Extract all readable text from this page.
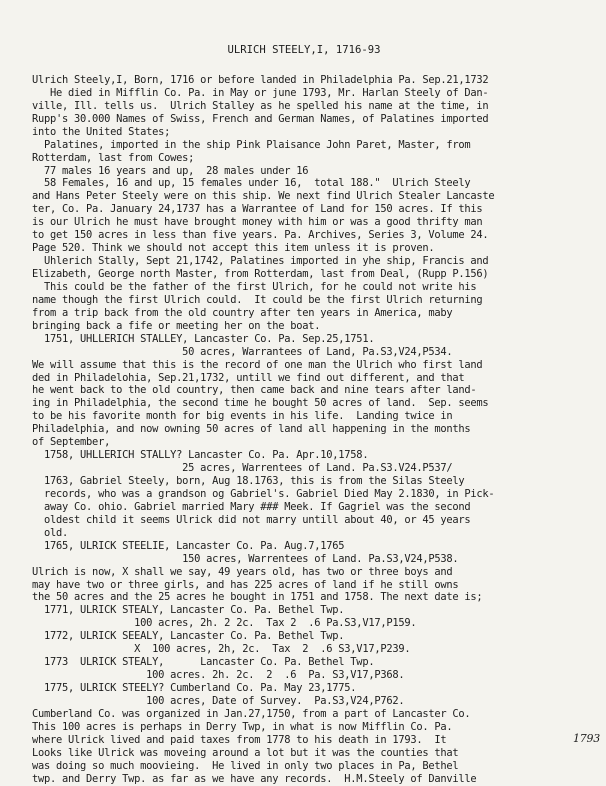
ULRICH STEELY,I, 1716-93
Ulrich Steely,I, Born, 1716 or before landed in Philadelphia Pa. Sep.21,1732
He died in Mifflin Co. Pa. in May or june 1793, Mr. Harlan Steely of Dan-
ville, Ill. tells us.  Ulrich Stalley as he spelled his name at the time, in
Rupp's 30.000 Names of Swiss, French and German Names, of Palatines imported
into the United States;
Palatines, imported in the ship Pink Plaisance John Paret, Master, from
Rotterdam, last from Cowes;
77 males 16 years and up,  28 males under 16
58 Females, 16 and up, 15 females under 16,  total 188."  Ulrich Steely
and Hans Peter Steely were on this ship. We next find Ulrich Stealer Lancaste
ter, Co. Pa. January 24,1737 has a Warrantee of Land for 150 acres. If this
is our Ulrich he must have brought money with him or was a good thrifty man
to get 150 acres in less than five years. Pa. Archives, Series 3, Volume 24.
Page 520. Think we should not accept this item unless it is proven.
Uhlerich Stally, Sept 21,1742, Palatines imported in yhe ship, Francis and
Elizabeth, George north Master, from Rotterdam, last from Deal, (Rupp P.156)
This could be the father of the first Ulrich, for he could not write his
name though the first Ulrich could.  It could be the first Ulrich returning
from a trip back from the old country after ten years in America, maby
bringing back a fife or meeting her on the boat.
1751, UHLLERICH STALLEY, Lancaster Co. Pa. Sep.25,1751.
50 acres, Warrantees of Land, Pa.S3,V24,P534.
We will assume that this is the record of one man the Ulrich who first land
ded in Philadelohia, Sep.21,1732, untill we find out different, and that
he went back to the old country, then came back and nine tears after land-
ing in Philadelphia, the second time he bought 50 acres of land.  Sep. seems
to be his favorite month for big events in his life.  Landing twice in
Philadelphia, and now owning 50 acres of land all happening in the months
of September,
1758, UHLLERICH STALLY? Lancaster Co. Pa. Apr.10,1758.
25 acres, Warrentees of Land. Pa.S3.V24.P537/
1763, Gabriel Steely, born, Aug 18.1763, this is from the Silas Steely
records, who was a grandson og Gabriel's. Gabriel Died May 2.1830, in Pick-
away Co. ohio. Gabriel married Mary ### Meek. If Gagriel was the second
oldest child it seems Ulrick did not marry untill about 40, or 45 years
old.
1765, ULRICK STEELIE, Lancaster Co. Pa. Aug.7,1765
150 acres, Warrentees of Land. Pa.S3,V24,P538.
Ulrich is now, X shall we say, 49 years old, has two or three boys and
may have two or three girls, and has 225 acres of land if he still owns
the 50 acres and the 25 acres he bought in 1751 and 1758. The next date is;
1771, ULRICK STEALY, Lancaster Co. Pa. Bethel Twp.
100 acres, 2h. 2 2c.  Tax 2  .6 Pa.S3,V17,P159.
1772, ULRICK SEEALY, Lancaster Co. Pa. Bethel Twp.
X  100 acres, 2h, 2c.  Tax  2  .6 S3,V17,P239.
1773  ULRICK STEALY,      Lancaster Co. Pa. Bethel Twp.
100 acres. 2h. 2c.  2  .6  Pa. S3,V17,P368.
1775, ULRICK STEELY? Cumberland Co. Pa. May 23,1775.
100 acres, Date of Survey.  Pa.S3,V24,P762.
Cumberland Co. was organized in Jan.27,1750, from a part of Lancaster Co.
This 100 acres is perhaps in Derry Twp, in what is now Mifflin Co. Pa.
where Ulrick lived and paid taxes from 1778 to his death in 1793.  It
Looks like Ulrick was moveing around a lot but it was the counties that
was doing so much moovieing.  He lived in only two places in Pa, Bethel
twp. and Derry Twp. as far as we have any records.  H.M.Steely of Danville
1793
